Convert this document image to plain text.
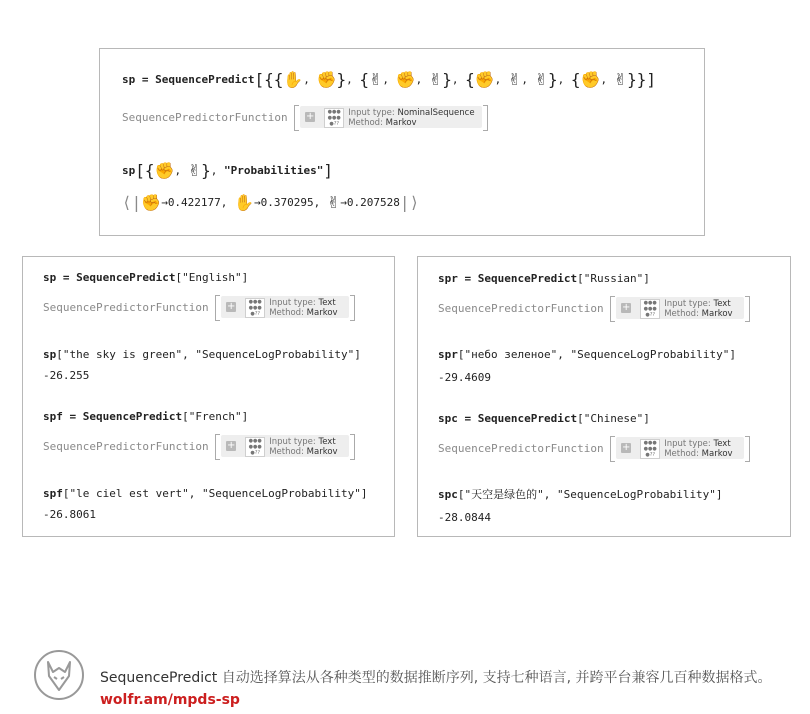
sp = SequencePredict[{{✋, ✊}, {✌, ✊, ✌}, {✊, ✌, ✌}, {✊, ✌}}]
SequencePredictorFunction +	●●●
●●●
●??
Input type: NominalSequence
Method: Markov
sp[{✊, ✌}, "Probabilities"]
⟨|✊→0.422177, ✋→0.370295, ✌→0.207528|⟩
sp = SequencePredict["English"]
SequencePredictorFunction +	●●●
●●●
●??
Input type: Text
Method: Markov
sp["the sky is green", "SequenceLogProbability"]
-26.255
spf = SequencePredict["French"]
SequencePredictorFunction +	●●●
●●●
●??
Input type: Text
Method: Markov
spf["le ciel est vert", "SequenceLogProbability"]
-26.8061
spr = SequencePredict["Russian"]
SequencePredictorFunction +	●●●
●●●
●??
Input type: Text
Method: Markov
spr["небо зеленое", "SequenceLogProbability"]
-29.4609
spc = SequencePredict["Chinese"]
SequencePredictorFunction +	●●●
●●●
●??
Input type: Text
Method: Markov
spc["天空是绿色的", "SequenceLogProbability"]
-28.0844
SequencePredict 自动选择算法从各种类型的数据推断序列, 支持七种语言, 并跨平台兼容几百种数据格式。wolfr.am/mpds-sp
